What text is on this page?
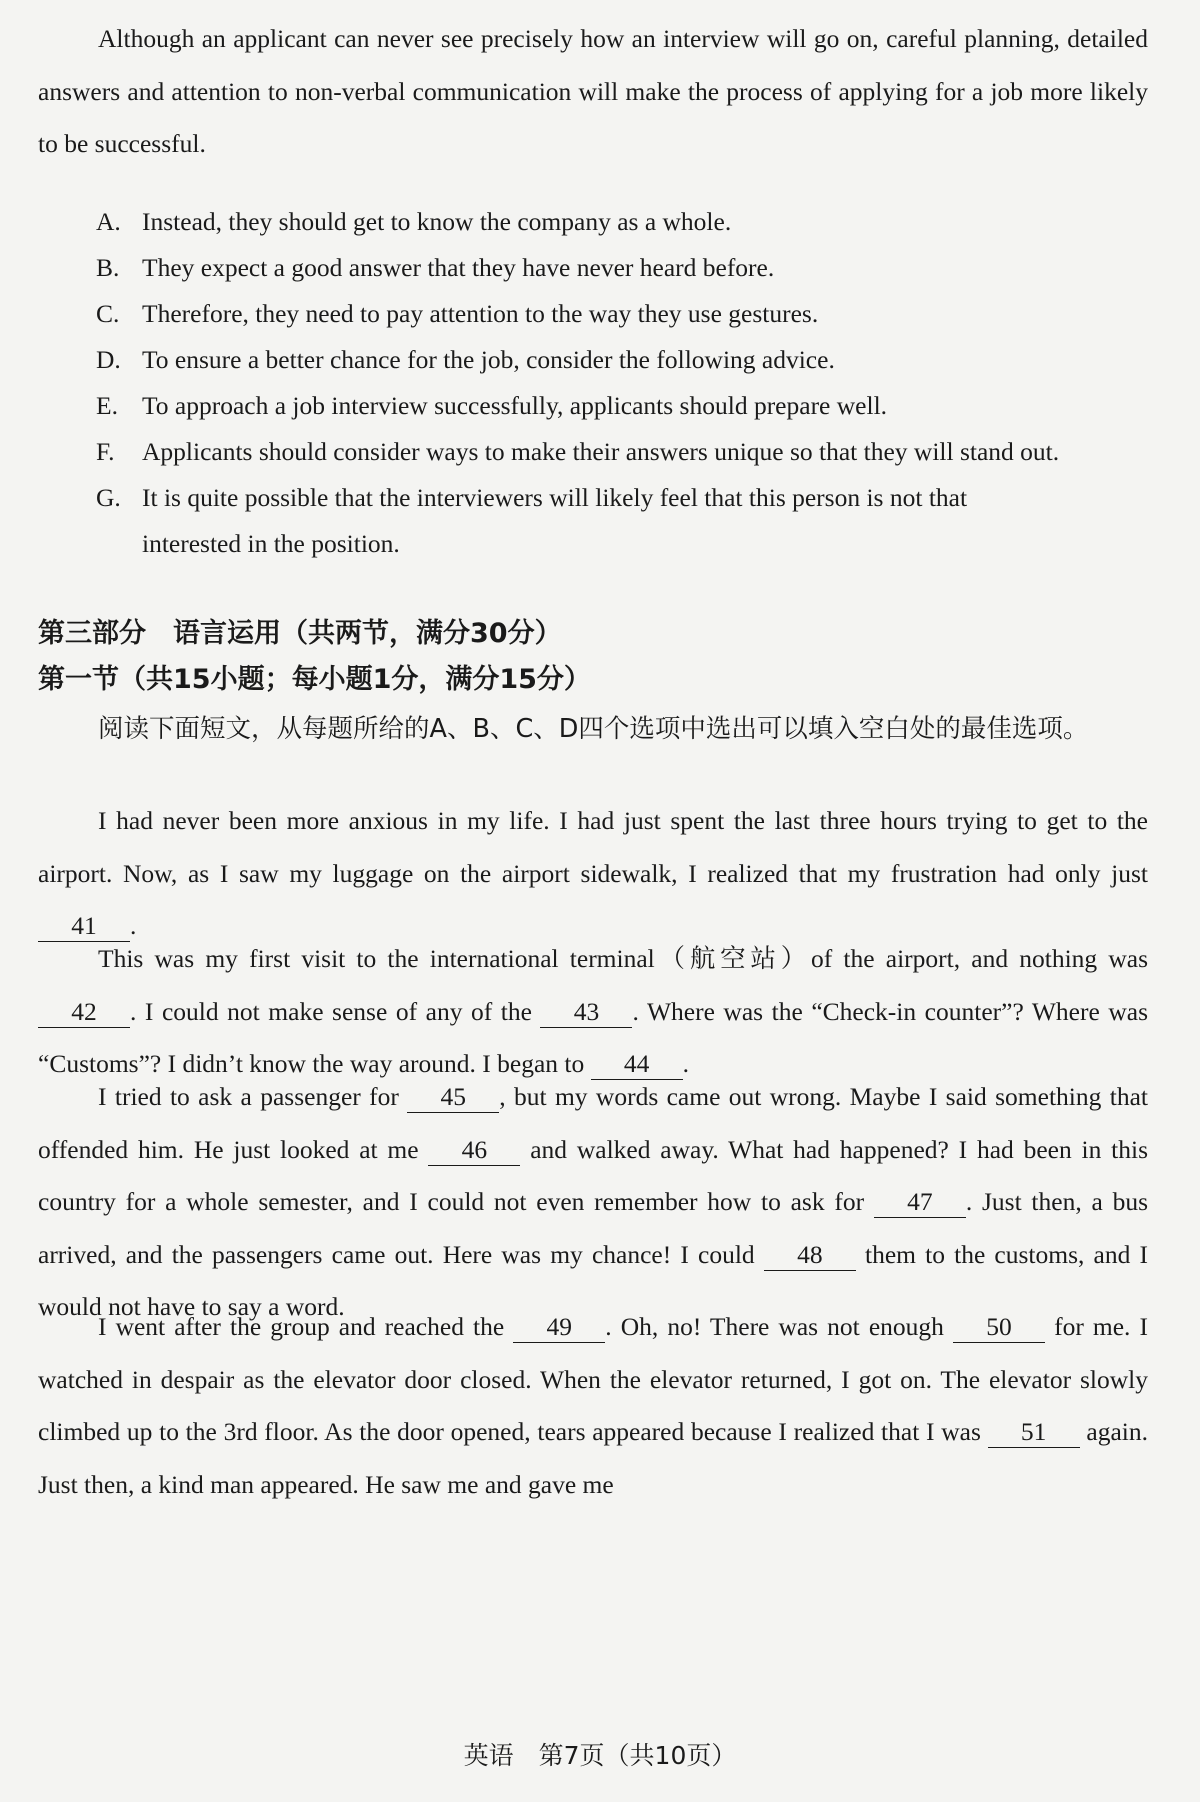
Although an applicant can never see precisely how an interview will go on, careful planning, detailed answers and attention to non-verbal communication will make the process of applying for a job more likely to be successful.

A. Instead, they should get to know the company as a whole.
B. They expect a good answer that they have never heard before.
C. Therefore, they need to pay attention to the way they use gestures.
D. To ensure a better chance for the job, consider the following advice.
E. To approach a job interview successfully, applicants should prepare well.
F. Applicants should consider ways to make their answers unique so that they will stand out.
G. It is quite possible that the interviewers will likely feel that this person is not that
interested in the position.
第三部分　语言运用（共两节，满分30分）
第一节（共15小题；每小题1分，满分15分）

阅读下面短文，从每题所给的A、B、C、D四个选项中选出可以填入空白处的最佳选项。

I had never been more anxious in my life. I had just spent the last three hours trying to get to the airport. Now, as I saw my luggage on the airport sidewalk, I realized that my frustration had only just 41 .

This was my first visit to the international terminal（航空站）of the airport, and nothing was 42 . I could not make sense of any of the 43 . Where was the “Check-in counter”? Where was “Customs”? I didn’t know the way around. I began to 44 .

I tried to ask a passenger for 45 , but my words came out wrong. Maybe I said something that offended him. He just looked at me 46 and walked away. What had happened? I had been in this country for a whole semester, and I could not even remember how to ask for 47 . Just then, a bus arrived, and the passengers came out. Here was my chance! I could 48 them to the customs, and I would not have to say a word.

I went after the group and reached the 49 . Oh, no! There was not enough 50 for me. I watched in despair as the elevator door closed. When the elevator returned, I got on. The elevator slowly climbed up to the 3rd floor. As the door opened, tears appeared because I realized that I was 51 again. Just then, a kind man appeared. He saw me and gave me

英语　第7页（共10页）
